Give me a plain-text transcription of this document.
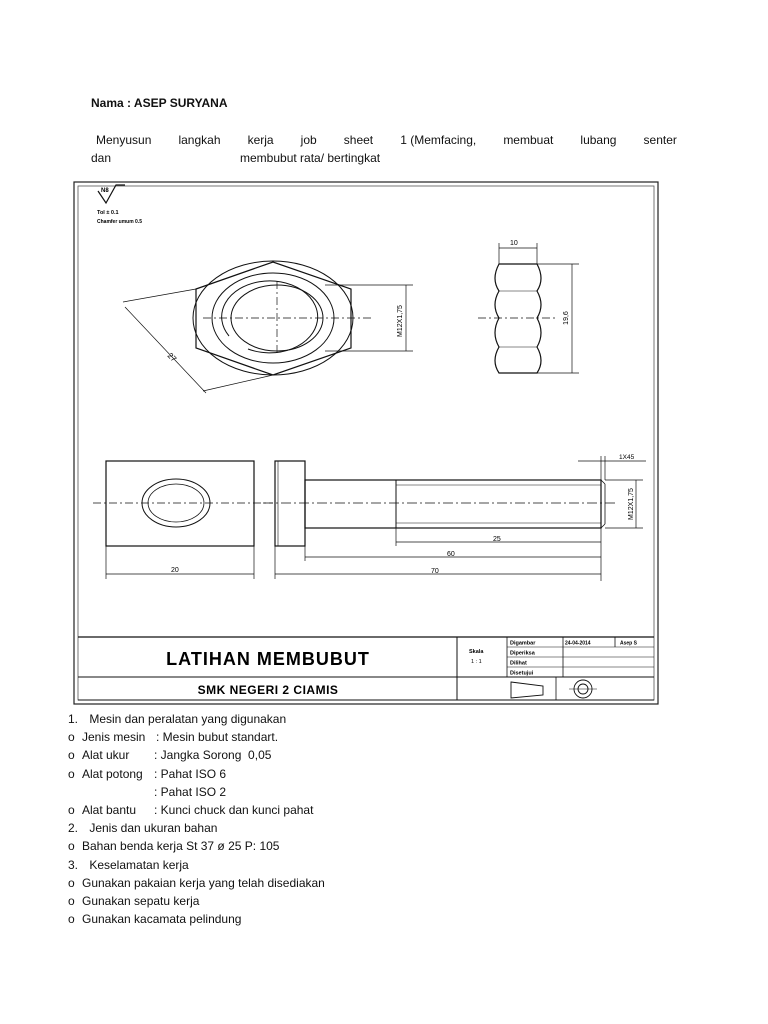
Nama : ASEP SURYANA
Menyusun langkah kerja job sheet 1 (Memfacing, membuat lubang senter
dan	membubut rata/ bertingkat
N8
Tol ± 0.1
Chamfer umum 0.5
27
M12X1,75
10
19,6
20
1X45
M12X1,75
25
60
70
LATIHAN MEMBUBUT
SMK NEGERI 2 CIAMIS
Skala
1 : 1
Digambar
Diperiksa
Dilihat
Disetujui
24-04-2014	Asep S
1. Mesin dan peralatan yang digunakan
o Jenis mesin : Mesin bubut standart.
o Alat ukur : Jangka Sorong  0,05
o Alat potong : Pahat ISO 6
: Pahat ISO 2
o Alat bantu : Kunci chuck dan kunci pahat
2. Jenis dan ukuran bahan
o Bahan benda kerja St 37 ø 25 P: 105
3. Keselamatan kerja
o Gunakan pakaian kerja yang telah disediakan
o Gunakan sepatu kerja
o Gunakan kacamata pelindung
